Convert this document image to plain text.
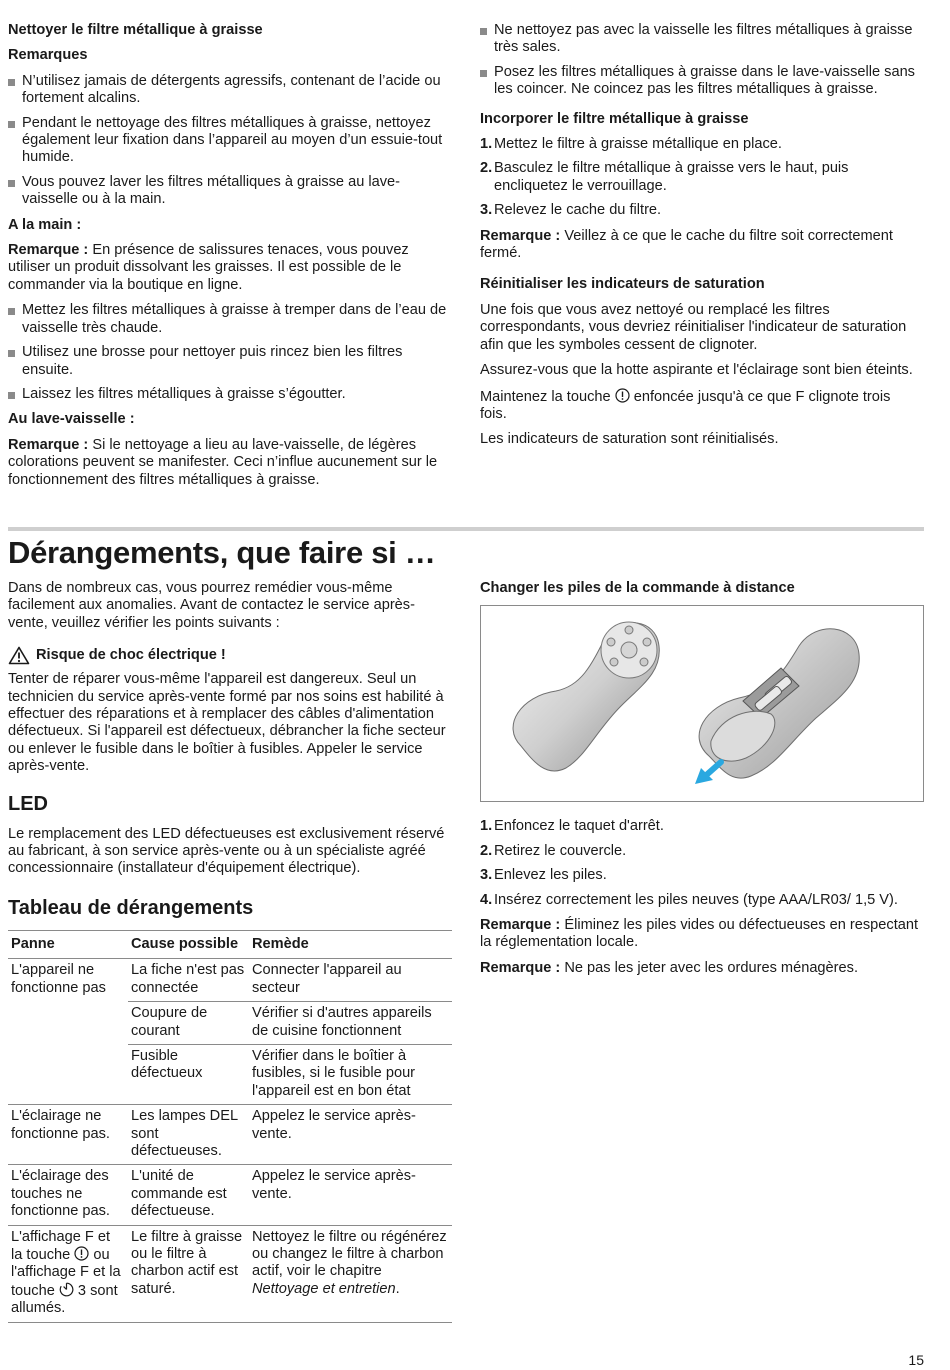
Nettoyer le filtre métallique à graisse
Remarques
N’utilisez jamais de détergents agressifs, contenant de l’acide ou fortement alcalins.
Pendant le nettoyage des filtres métalliques à graisse, nettoyez également leur fixation dans l’appareil au moyen d’un essuie-tout humide.
Vous pouvez laver les filtres métalliques à graisse au lave-vaisselle ou à la main.
A la main :

Remarque : En présence de salissures tenaces, vous pouvez utiliser un produit dissolvant les graisses. Il est possible de le commander via la boutique en ligne.

Mettez les filtres métalliques à graisse à tremper dans de l’eau de vaisselle très chaude.
Utilisez une brosse pour nettoyer puis rincez bien les filtres ensuite.
Laissez les filtres métalliques à graisse s’égoutter.
Au lave-vaisselle :

Remarque : Si le nettoyage a lieu au lave-vaisselle, de légères colorations peuvent se manifester. Ceci n’influe aucunement sur le fonctionnement des filtres métalliques à graisse.

Ne nettoyez pas avec la vaisselle les filtres métalliques à graisse très sales.
Posez les filtres métalliques à graisse dans le lave-vaisselle sans les coincer. Ne coincez pas les filtres métalliques à graisse.
Incorporer le filtre métallique à graisse
1. Mettez le filtre à graisse métallique en place.
2. Basculez le filtre métallique à graisse vers le haut, puis encliquetez le verrouillage.
3. Relevez le cache du filtre.

Remarque : Veillez à ce que le cache du filtre soit correctement fermé.

Réinitialiser les indicateurs de saturation

Une fois que vous avez nettoyé ou remplacé les filtres correspondants, vous devriez réinitialiser l'indicateur de saturation afin que les symboles cessent de clignoter.

Assurez-vous que la hotte aspirante et l'éclairage sont bien éteints.

Maintenez la touche  enfoncée jusqu'à ce que F clignote trois fois.

Les indicateurs de saturation sont réinitialisés.

Dérangements, que faire si …

Dans de nombreux cas, vous pourrez remédier vous-même facilement aux anomalies. Avant de contactez le service après-vente, veuillez vérifier les points suivants :

Risque de choc électrique !

Tenter de réparer vous-même l'appareil est dangereux. Seul un technicien du service après-vente formé par nos soins est habilité à effectuer des réparations et à remplacer des câbles d'alimentation défectueux. Si l'appareil est défectueux, débrancher la fiche secteur ou enlever le fusible dans le boîtier à fusibles. Appeler le service après-vente.

LED

Le remplacement des LED défectueuses est exclusivement réservé au fabricant, à son service après-vente ou à un spécialiste agréé concessionnaire (installateur d'équipement électrique).

Tableau de dérangements
Panne	Cause possible	Remède
L'appareil ne fonctionne pas	La fiche n'est pas connectée	Connecter l'appareil au secteur
	Coupure de courant	Vérifier si d'autres appareils de cuisine fonctionnent
	Fusible défectueux	Vérifier dans le boîtier à fusibles, si le fusible pour l'appareil est en bon état
L'éclairage ne fonctionne pas.	Les lampes DEL sont défectueuses.	Appelez le service après-vente.
L'éclairage des touches ne fonctionne pas.	L'unité de commande est défectueuse.	Appelez le service après-vente.
L'affichage F et la touche  ou l'affichage F et la touche  3 sont allumés.	Le filtre à graisse ou le filtre à charbon actif est saturé.	Nettoyez le filtre ou régénérez ou changez le filtre à charbon actif, voir le chapitre Nettoyage et entretien.
Changer les piles de la commande à distance
1. Enfoncez le taquet d'arrêt.
2. Retirez le couvercle.
3. Enlevez les piles.
4. Insérez correctement les piles neuves (type AAA/LR03/ 1,5 V).

Remarque : Éliminez les piles vides ou défectueuses en respectant la réglementation locale.

Remarque : Ne pas les jeter avec les ordures ménagères.

15
